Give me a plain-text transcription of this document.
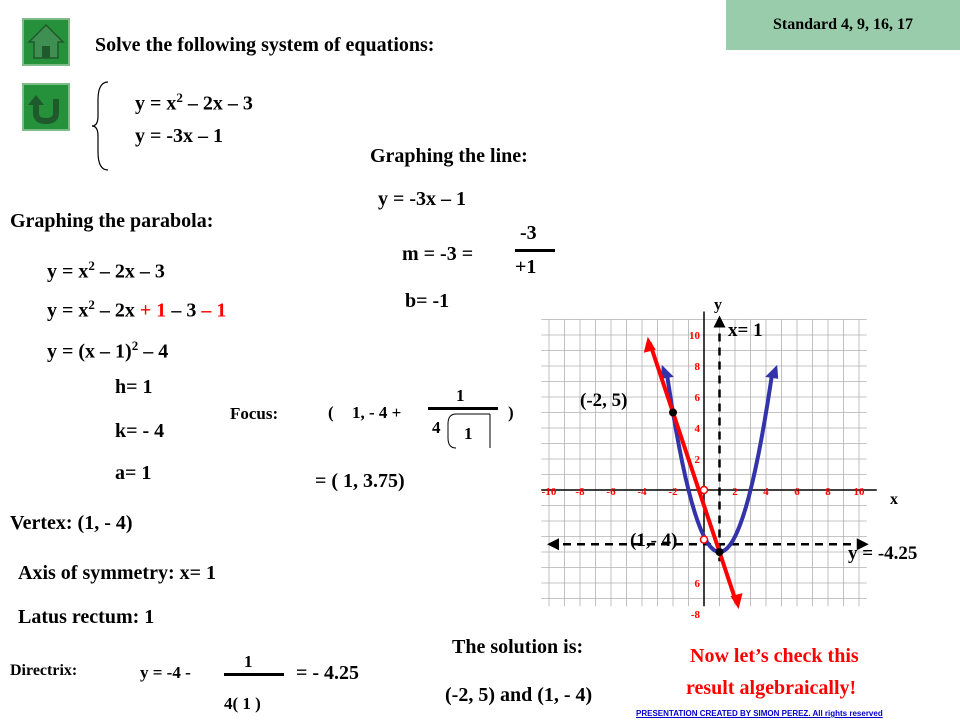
Standard 4, 9, 16, 17
Solve the following system of equations:
$y = x^2 - 2x - 3$
y = -3x – 1
Graphing the parabola:
$y = x^2 - 2x - 3$
$y = x^2 - 2x + 1 - 3 - 1$
y = (x – 1)$^2$ – 4
h= 1
k= - 4
a= 1
Vertex: (1, - 4)
Axis of symmetry: x= 1
Latus rectum: 1
Focus:	( 1, - 4 +
1
)
4 1
= ( 1, 3.75)
Directrix:	y = -4 -
1
4( 1 )
= - 4.25
Graphing the line:
y = -3x – 1
m = -3 =
-3
+1
b= -1
x
y
-10 -8 -6 -4 -2	2 4 6 8 10
10
8
6
4
2
6
-8
(-2, 5)
(1,- 4)
x= 1
y = -4.25
The solution is:
(-2, 5) and (1, - 4)
Now let’s check this
result algebraically!
PRESENTATION CREATED BY SIMON PEREZ. All rights reserved
